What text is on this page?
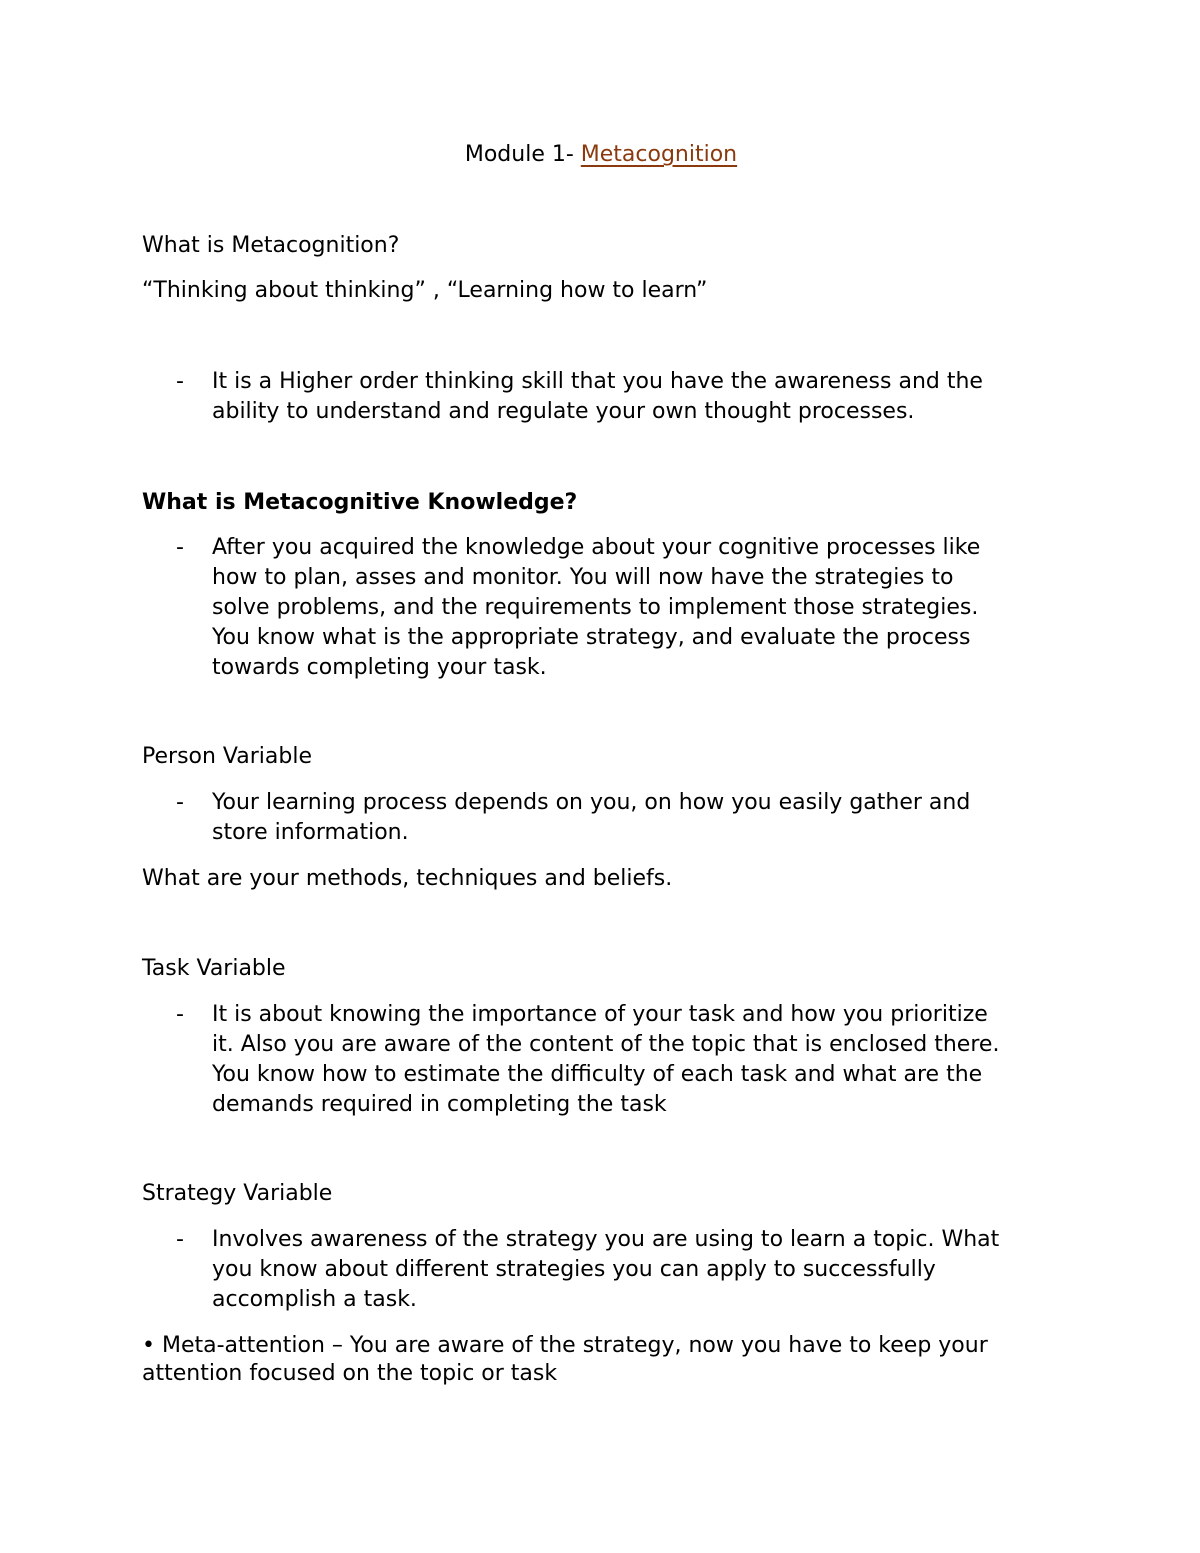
Module 1- Metacognition

What is Metacognition?

“Thinking about thinking” , “Learning how to learn”

- It is a Higher order thinking skill that you have the awareness and the
ability to understand and regulate your own thought processes.

What is Metacognitive Knowledge?

- After you acquired the knowledge about your cognitive processes like
how to plan, asses and monitor. You will now have the strategies to
solve problems, and the requirements to implement those strategies.
You know what is the appropriate strategy, and evaluate the process
towards completing your task.

Person Variable

- Your learning process depends on you, on how you easily gather and
store information.

What are your methods, techniques and beliefs.

Task Variable

- It is about knowing the importance of your task and how you prioritize
it. Also you are aware of the content of the topic that is enclosed there.
You know how to estimate the difficulty of each task and what are the
demands required in completing the task

Strategy Variable

- Involves awareness of the strategy you are using to learn a topic. What
you know about different strategies you can apply to successfully
accomplish a task.
• Meta-attention – You are aware of the strategy, now you have to keep your
attention focused on the topic or task
